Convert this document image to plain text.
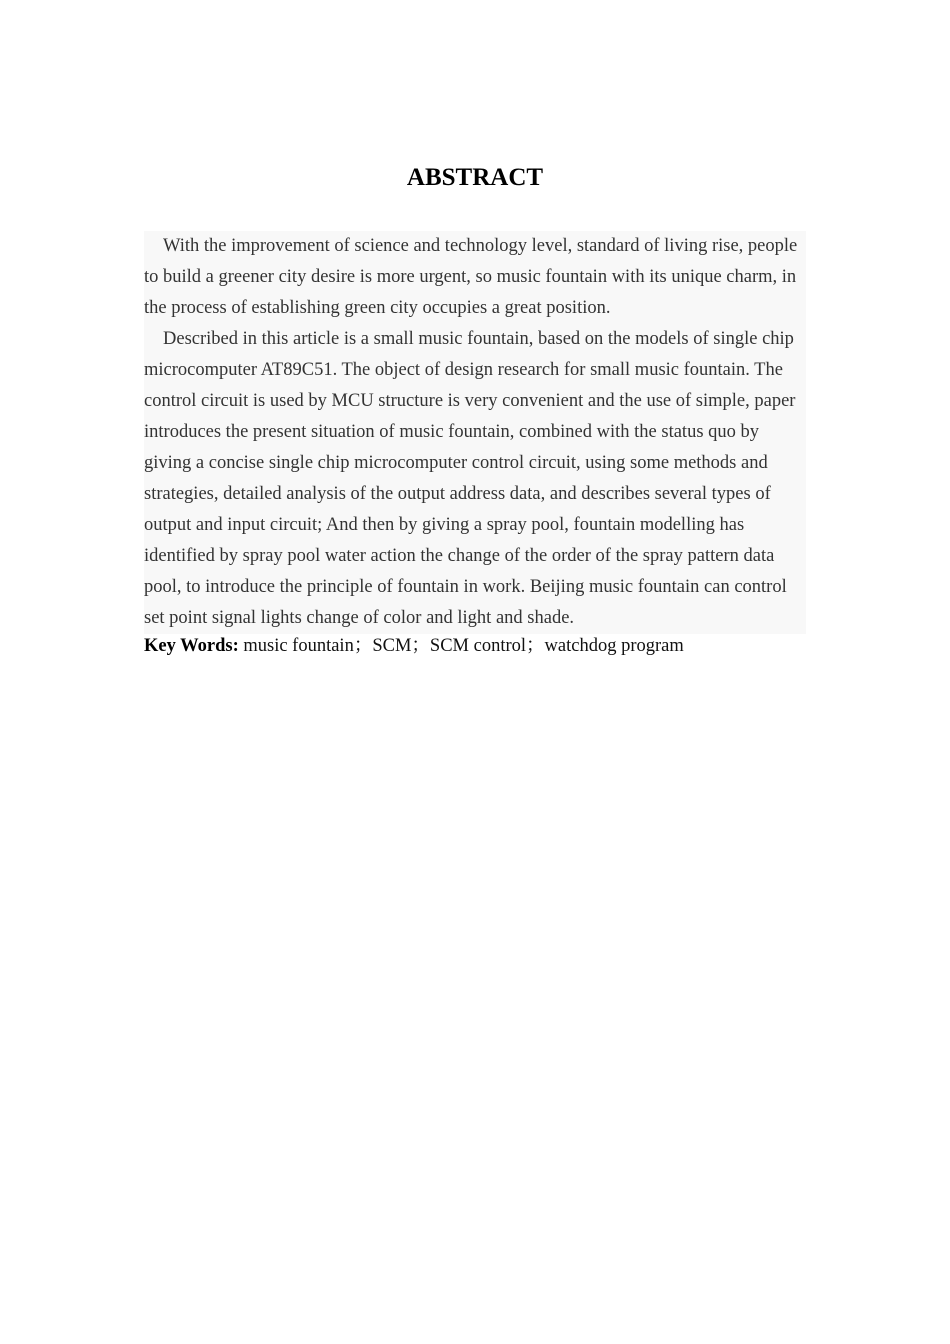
ABSTRACT

With the improvement of science and technology level, standard of living rise, people to build a greener city desire is more urgent, so music fountain with its unique charm, in the process of establishing green city occupies a great position.

Described in this article is a small music fountain, based on the models of single chip microcomputer AT89C51. The object of design research for small music fountain. The control circuit is used by MCU structure is very convenient and the use of simple, paper introduces the present situation of music fountain, combined with the status quo by giving a concise single chip microcomputer control circuit, using some methods and strategies, detailed analysis of the output address data, and describes several types of output and input circuit; And then by giving a spray pool, fountain modelling has identified by spray pool water action the change of the order of the spray pattern data pool, to introduce the principle of fountain in work. Beijing music fountain can control set point signal lights change of color and light and shade.

Key Words: music fountain；SCM；SCM control；watchdog program
